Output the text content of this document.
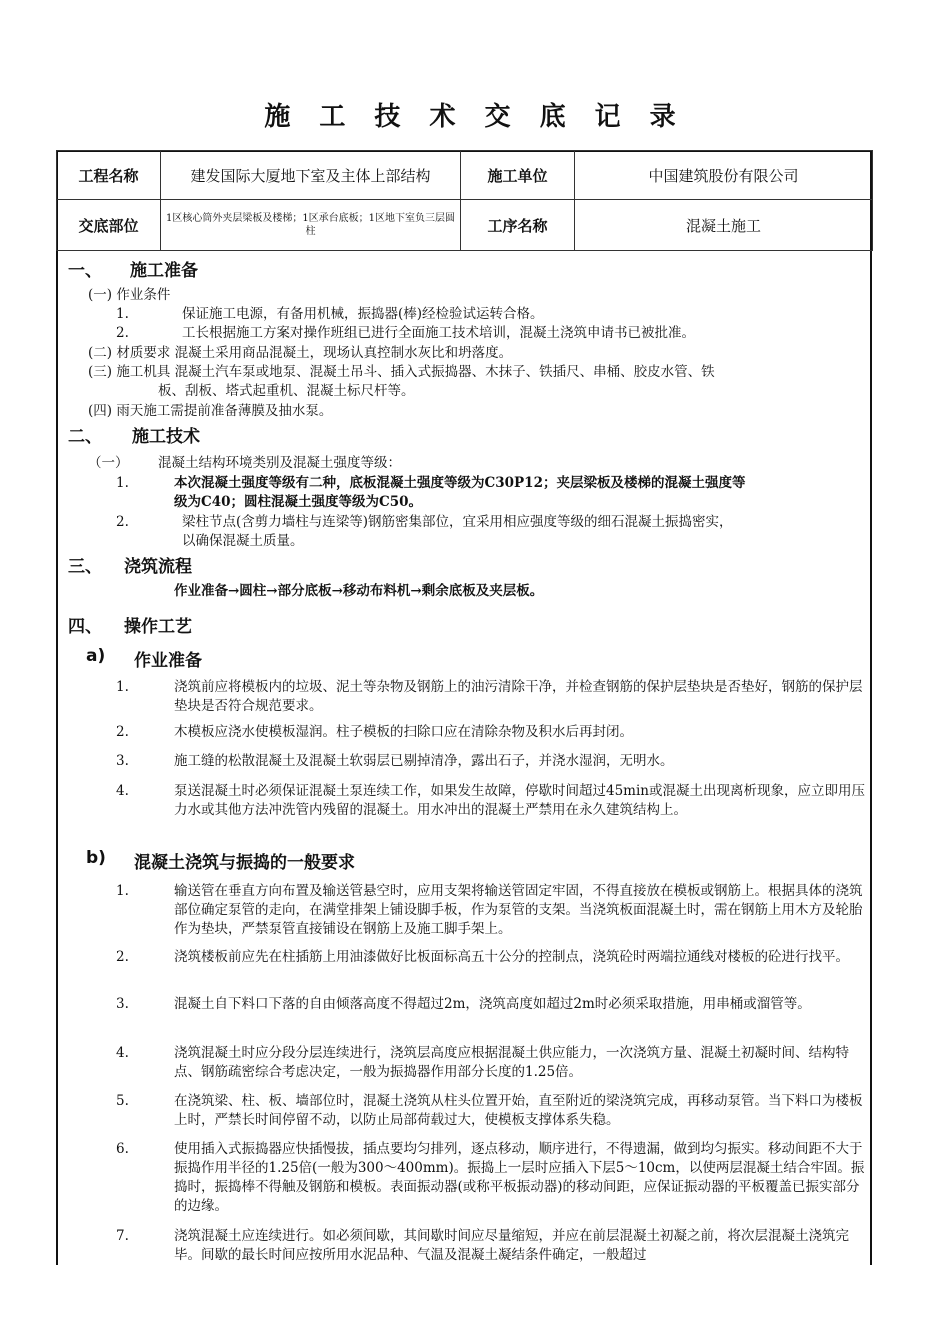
施 工 技 术 交 底 记 录
工程名称	建发国际大厦地下室及主体上部结构	施工单位	中国建筑股份有限公司
交底部位	1区核心筒外夹层梁板及楼梯；1区承台底板；1区地下室负三层圆柱	工序名称	混凝土施工
一、 施工准备
(一) 作业条件
1.	保证施工电源，有备用机械，振捣器(棒)经检验试运转合格。
2.	工长根据施工方案对操作班组已进行全面施工技术培训，混凝土浇筑申请书已被批准。
(二) 材质要求 混凝土采用商品混凝土，现场认真控制水灰比和坍落度。
(三) 施工机具 混凝土汽车泵或地泵、混凝土吊斗、插入式振捣器、木抹子、铁插尺、串桶、胶皮水管、铁
板、刮板、塔式起重机、混凝土标尺杆等。
(四) 雨天施工需提前准备薄膜及抽水泵。
二、 施工技术
（一） 混凝土结构环境类别及混凝土强度等级：
1.	本次混凝土强度等级有二种，底板混凝土强度等级为C30P12；夹层梁板及楼梯的混凝土强度等
级为C40；圆柱混凝土强度等级为C50。
2.	梁柱节点(含剪力墙柱与连梁等)钢筋密集部位，宜采用相应强度等级的细石混凝土振捣密实，
以确保混凝土质量。
三、 浇筑流程
作业准备→圆柱→部分底板→移动布料机→剩余底板及夹层板。
四、 操作工艺
a) 作业准备
1.	浇筑前应将模板内的垃圾、泥土等杂物及钢筋上的油污清除干净，并检查钢筋的保护层垫块是否垫好，钢筋的保护层垫块是否符合规范要求。
2.	木模板应浇水使模板湿润。柱子模板的扫除口应在清除杂物及积水后再封闭。
3.	施工缝的松散混凝土及混凝土软弱层已剔掉清净，露出石子，并浇水湿润，无明水。
4.	泵送混凝土时必须保证混凝土泵连续工作，如果发生故障，停歇时间超过45min或混凝土出现离析现象，应立即用压力水或其他方法冲洗管内残留的混凝土。用水冲出的混凝土严禁用在永久建筑结构上。
b) 混凝土浇筑与振捣的一般要求
1.	输送管在垂直方向布置及输送管悬空时，应用支架将输送管固定牢固，不得直接放在模板或钢筋上。根据具体的浇筑部位确定泵管的走向，在满堂排架上铺设脚手板，作为泵管的支架。当浇筑板面混凝土时，需在钢筋上用木方及轮胎作为垫块，严禁泵管直接铺设在钢筋上及施工脚手架上。
2.	浇筑楼板前应先在柱插筋上用油漆做好比板面标高五十公分的控制点，浇筑砼时两端拉通线对楼板的砼进行找平。
3.	混凝土自下料口下落的自由倾落高度不得超过2m，浇筑高度如超过2m时必须采取措施，用串桶或溜管等。
4.	浇筑混凝土时应分段分层连续进行，浇筑层高度应根据混凝土供应能力，一次浇筑方量、混凝土初凝时间、结构特点、钢筋疏密综合考虑决定，一般为振捣器作用部分长度的1.25倍。
5.	在浇筑梁、柱、板、墙部位时，混凝土浇筑从柱头位置开始，直至附近的梁浇筑完成，再移动泵管。当下料口为楼板上时，严禁长时间停留不动，以防止局部荷载过大，使模板支撑体系失稳。
6.	使用插入式振捣器应快插慢拔，插点要均匀排列，逐点移动，顺序进行，不得遗漏，做到均匀振实。移动间距不大于振捣作用半径的1.25倍(一般为300～400mm)。振捣上一层时应插入下层5～10cm，以使两层混凝土结合牢固。振捣时，振捣棒不得触及钢筋和模板。表面振动器(或称平板振动器)的移动间距，应保证振动器的平板覆盖已振实部分的边缘。
7.	浇筑混凝土应连续进行。如必须间歇，其间歇时间应尽量缩短，并应在前层混凝土初凝之前，将次层混凝土浇筑完毕。间歇的最长时间应按所用水泥品种、气温及混凝土凝结条件确定，一般超过
